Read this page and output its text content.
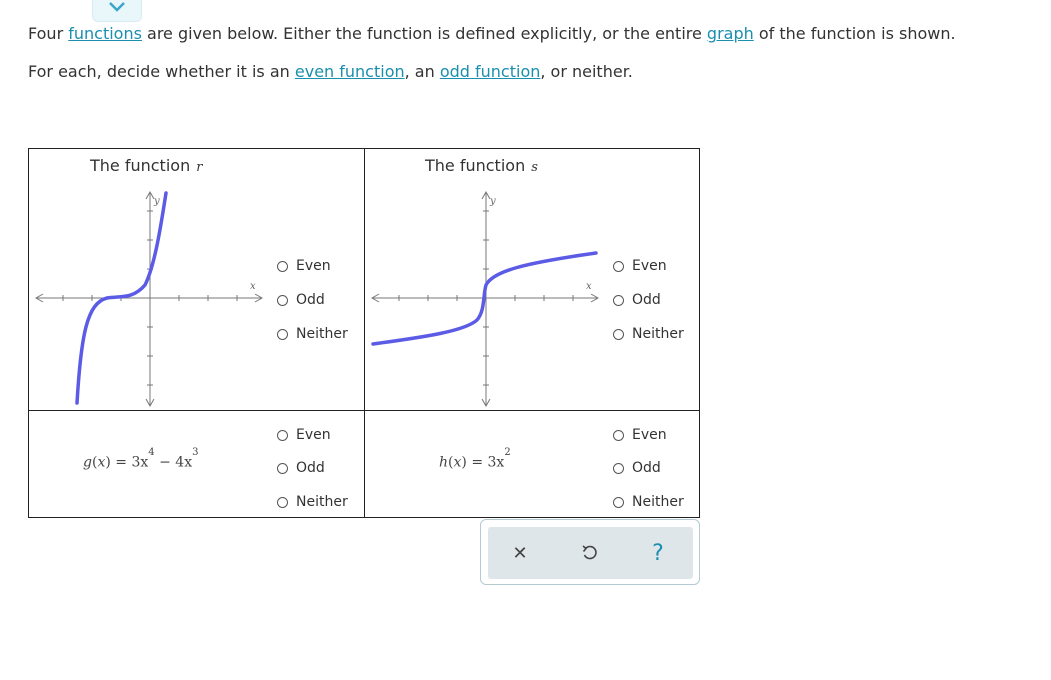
Four functions are given below. Either the function is defined explicitly, or the entire graph of the function is shown.

For each, decide whether it is an even function, an odd function, or neither.

The function r
y
x
Even
Odd
Neither
The function s
y
x
Even
Odd
Neither
$g(x) = 3x^4 - 4x^3$
Even
Odd
Neither
$h(x) = 3x^2$
Even
Odd
Neither
✕	?
